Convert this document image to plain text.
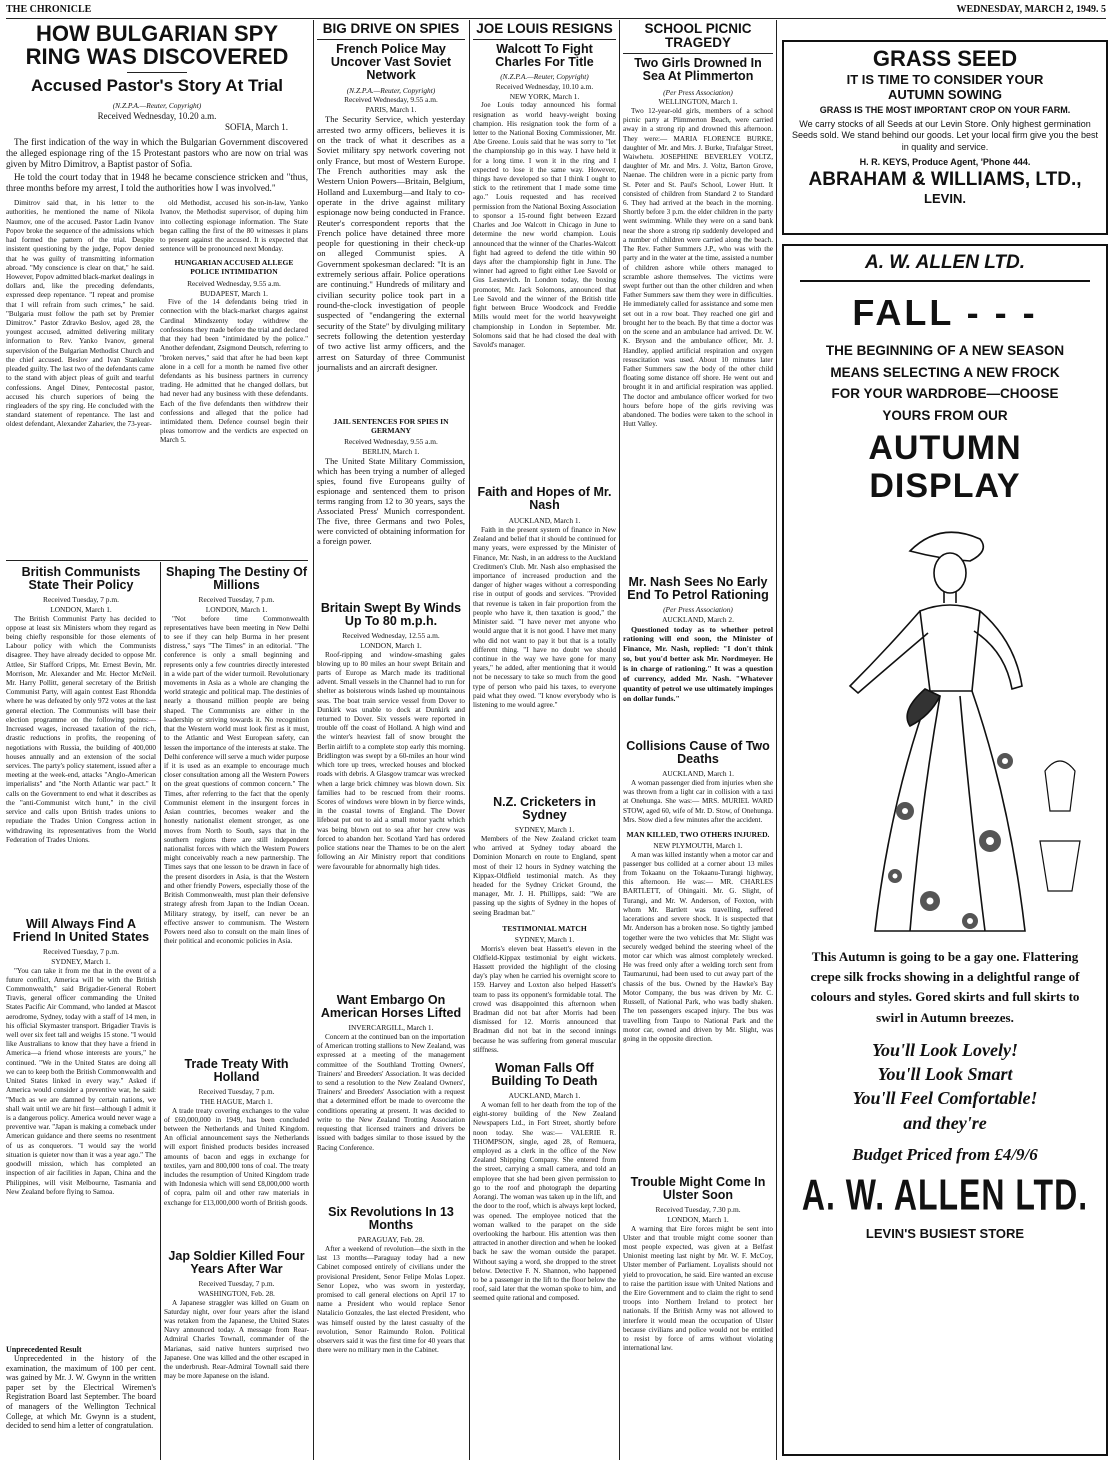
THE CHRONICLE	WEDNESDAY, MARCH 2, 1949. 5
HOW BULGARIAN SPY RING WAS DISCOVERED
Accused Pastor's Story At Trial
(N.Z.P.A.—Reuter, Copyright)
Received Wednesday, 10.20 a.m.
SOFIA, March 1.

The first indication of the way in which the Bulgarian Government discovered the alleged espionage ring of the 15 Protestant pastors who are now on trial was given by Mitro Dimitrov, a Baptist pastor of Sofia.

He told the court today that in 1948 he became conscience stricken and "thus, three months before my arrest, I told the authorities how I was involved."

Dimitrov said that, in his letter to the authorities, he mentioned the name of Nikola Naumov, one of the accused. Pastor Ladin Ivanov Popov broke the sequence of the admissions which had formed the pattern of the trial. Despite insistent questioning by the judge, Popov denied that he was guilty of transmitting information abroad. "My conscience is clear on that," he said. However, Popov admitted black-market dealings in dollars and, like the preceding defendants, expressed deep repentance. "I repeat and promise that I will refrain from such crimes," he said. "Bulgaria must follow the path set by Premier Dimitrov." Pastor Zdravko Beslov, aged 28, the youngest accused, admitted delivering military information to Rev. Yanko Ivanov, general supervision of the Bulgarian Methodist Church and the chief accused. Beslov and Ivan Stankulov pleaded guilty. The last two of the defendants came to the stand with abject pleas of guilt and tearful confessions. Angel Dinev, Pentecostal pastor, accused his church superiors of being the ringleaders of the spy ring. He concluded with the standard statement of repentance. The last and oldest defendant, Alexander Zahariev, the 73-year-

old Methodist, accused his son-in-law, Yanko Ivanov, the Methodist supervisor, of duping him into collecting espionage information. The State began calling the first of the 80 witnesses it plans to present against the accused. It is expected that sentence will be pronounced next Monday.

HUNGARIAN ACCUSED ALLEGE POLICE INTIMIDATION
Received Wednesday, 9.55 a.m.
BUDAPEST, March 1.

Five of the 14 defendants being tried in connection with the black-market charges against Cardinal Mindszenty today withdrew the confessions they made before the trial and declared that they had been "intimidated by the police." Another defendant, Zsigmond Deutsch, referring to "broken nerves," said that after he had been kept alone in a cell for a month he named five other defendants as his business partners in currency trading. He admitted that he changed dollars, but had never had any business with these defendants. Each of the five defendants then withdrew their confessions and alleged that the police had intimidated them. Defence counsel begin their pleas tomorrow and the verdicts are expected on March 5.

British Communists State Their Policy
Received Tuesday, 7 p.m.
LONDON, March 1.

The British Communist Party has decided to oppose at least six Ministers whom they regard as being chiefly responsible for those elements of Labour policy with which the Communists disagree. They have already decided to oppose Mr. Attlee, Sir Stafford Cripps, Mr. Ernest Bevin, Mr. Morrison, Mr. Alexander and Mr. Hector McNeil. Mr. Harry Pollitt, general secretary of the British Communist Party, will again contest East Rhondda where he was defeated by only 972 votes at the last general election. The Communists will base their election programme on the following points:—Increased wages, increased taxation of the rich, drastic reductions in profits, the reopening of negotiations with Russia, the building of 400,000 houses annually and an extension of the social services. The party's policy statement, issued after a meeting at the week-end, attacks "Anglo-American imperialists" and "the North Atlantic war pact." It calls on the Government to end what it describes as the "anti-Communist witch hunt," in the civil service and calls upon British trades unions to repudiate the Trades Union Congress action in withdrawing its representatives from the World Federation of Trades Unions.

Will Always Find A Friend In United States
Received Tuesday, 7 p.m.
SYDNEY, March 1.

"You can take it from me that in the event of a future conflict, America will be with the British Commonwealth," said Brigadier-General Robert Travis, general officer commanding the United States Pacific Air Command, who landed at Mascot aerodrome, Sydney, today with a staff of 14 men, in his official Skymaster transport. Brigadier Travis is well over six feet tall and weighs 15 stone. "I would like Australians to know that they have a friend in America—a friend whose interests are yours," he continued. "We in the United States are doing all we can to keep both the British Commonwealth and United States linked in every way." Asked if America would consider a preventive war, he said: "Much as we are damned by certain nations, we shall wait until we are hit first—although I admit it is a dangerous policy. America would never wage a preventive war. "Japan is making a comeback under American guidance and there seems no resentment of us as conquerors. "I would say the world situation is quieter now than it was a year ago." The goodwill mission, which has completed an inspection of air facilities in Japan, China and the Philippines, will visit Melbourne, Tasmania and New Zealand before flying to Samoa.

Unprecedented Result

Unprecedented in the history of the examination, the maximum of 100 per cent. was gained by Mr. J. W. Gwynn in the written paper set by the Electrical Wiremen's Registration Board last September. The board of managers of the Wellington Technical College, at which Mr. Gwynn is a student, decided to send him a letter of congratulation.

Shaping The Destiny Of Millions
Received Tuesday, 7 p.m.
LONDON, March 1.

"Not before time Commonwealth representatives have been meeting in New Delhi to see if they can help Burma in her present distress," says "The Times" in an editorial. "The conference is only a small beginning and represents only a few countries directly interested in a wide part of the wider turmoil. Revolutionary movements in Asia as a whole are changing the world strategic and political map. The destinies of nearly a thousand million people are being shaped. The Communists are either in the leadership or striving towards it. No recognition that the Western world must look first as it must, to the Atlantic and West European safety, can lessen the importance of the interests at stake. The Delhi conference will serve a much wider purpose if it is used as an example to encourage much closer consultation among all the Western Powers on the great questions of common concern." The Times, after referring to the fact that the openly Communist element in the insurgent forces in Asian countries, becomes weaker and the honestly nationalist element stronger, as one moves from North to South, says that in the southern regions there are still independent nationalist forces with which the Western Powers might conceivably reach a new partnership. The Times says that one lesson to be drawn in face of the present disorders in Asia, is that the Western and other friendly Powers, especially those of the British Commonwealth, must plan their defensive strategy afresh from Japan to the Indian Ocean. Military strategy, by itself, can never be an effective answer to communism. The Western Powers need also to consult on the main lines of their political and economic policies in Asia.

Trade Treaty With Holland
Received Tuesday, 7 p.m.
THE HAGUE, March 1.

A trade treaty covering exchanges to the value of £60,000,000 in 1949, has been concluded between the Netherlands and United Kingdom. An official announcement says the Netherlands will export finished products besides increased amounts of bacon and eggs in exchange for textiles, yarn and 800,000 tons of coal. The treaty includes the resumption of United Kingdom trade with Indonesia which will send £8,000,000 worth of copra, palm oil and other raw materials in exchange for £13,000,000 worth of British goods.

Jap Soldier Killed Four Years After War
Received Tuesday, 7 p.m.
WASHINGTON, Feb. 28.

A Japanese straggler was killed on Guam on Saturday night, over four years after the island was retaken from the Japanese, the United States Navy announced today. A message from Rear-Admiral Charles Townall, commander of the Marianas, said native hunters surprised two Japanese. One was killed and the other escaped in the underbrush. Rear-Admiral Townall said there may be more Japanese on the island.

BIG DRIVE ON SPIES
French Police May Uncover Vast Soviet Network
(N.Z.P.A.—Reuter, Copyright)
Received Wednesday, 9.55 a.m.
PARIS, March 1.

The Security Service, which yesterday arrested two army officers, believes it is on the track of what it describes as a Soviet military spy network covering not only France, but most of Western Europe. The French authorities may ask the Western Union Powers—Britain, Belgium, Holland and Luxemburg—and Italy to co-operate in the drive against military espionage now being conducted in France. Reuter's correspondent reports that the French police have detained three more people for questioning in their check-up on alleged Communist spies. A Government spokesman declared: "It is an extremely serious affair. Police operations are continuing." Hundreds of military and civilian security police took part in a round-the-clock investigation of people suspected of "endangering the external security of the State" by divulging military secrets following the detention yesterday of two active list army officers, and the arrest on Saturday of three Communist journalists and an aircraft designer.

JAIL SENTENCES FOR SPIES IN GERMANY
Received Wednesday, 9.55 a.m.
BERLIN, March 1.

The United State Military Commission, which has been trying a number of alleged spies, found five Europeans guilty of espionage and sentenced them to prison terms ranging from 12 to 30 years, says the Associated Press' Munich correspondent. The five, three Germans and two Poles, were convicted of obtaining information for a foreign power.

Britain Swept By Winds Up To 80 m.p.h.
Received Wednesday, 12.55 a.m.
LONDON, March 1.

Roof-ripping and window-smashing gales blowing up to 80 miles an hour swept Britain and parts of Europe as March made its traditional advent. Small vessels in the Channel had to run for shelter as boisterous winds lashed up mountainous seas. The boat train service vessel from Dover to Dunkirk was unable to dock at Dunkirk and returned to Dover. Six vessels were reported in trouble off the coast of Holland. A high wind and the winter's heaviest fall of snow brought the Berlin airlift to a complete stop early this morning. Bridlington was swept by a 60-miles an hour wind which tore up trees, wrecked houses and blocked roads with debris. A Glasgow tramcar was wrecked when a large brick chimney was blown down. Six families had to be rescued from their rooms. Scores of windows were blown in by fierce winds, in the coastal towns of England. The Dover lifeboat put out to aid a small motor yacht which was being blown out to sea after her crew was forced to abandon her. Scotland Yard has ordered police stations near the Thames to be on the alert following an Air Ministry report that conditions were favourable for abnormally high tides.

Want Embargo On American Horses Lifted
INVERCARGILL, March 1.

Concern at the continued ban on the importation of American trotting stallions to New Zealand, was expressed at a meeting of the management committee of the Southland Trotting Owners', Trainers' and Breeders' Association. It was decided to send a resolution to the New Zealand Owners', Trainers' and Breeders' Association with a request that a determined effort be made to overcome the conditions operating at present. It was decided to write to the New Zealand Trotting Association requesting that licensed trainers and drivers be issued with badges similar to those issued by the Racing Conference.

Six Revolutions In 13 Months
PARAGUAY, Feb. 28.

After a weekend of revolution—the sixth in the last 13 months—Paraguay today had a new Cabinet composed entirely of civilians under the provisional President, Senor Felipe Molas Lopez. Senor Lopez, who was sworn in yesterday, promised to call general elections on April 17 to name a President who would replace Senor Natalicio Gonzales, the last elected President, who was himself ousted by the latest casualty of the revolution, Senor Raimundo Rolon. Political observers said it was the first time for 40 years that there were no military men in the Cabinet.

JOE LOUIS RESIGNS
Walcott To Fight Charles For Title
(N.Z.P.A.—Reuter, Copyright)
Received Wednesday, 10.10 a.m.
NEW YORK, March 1.

Joe Louis today announced his formal resignation as world heavy-weight boxing champion. His resignation took the form of a letter to the National Boxing Commissioner, Mr. Abe Greene. Louis said that he was sorry to "let the championship go in this way. I have held it for a long time. I won it in the ring and I expected to lose it the same way. However, things have developed so that I think I ought to stick to the retirement that I made some time ago." Louis requested and has received permission from the National Boxing Association to sponsor a 15-round fight between Ezzard Charles and Joe Walcott in Chicago in June to determine the new world champion. Louis announced that the winner of the Charles-Walcott fight had agreed to defend the title within 90 days after the championship fight in June. The winner had agreed to fight either Lee Savold or Gus Lesnevich. In London today, the boxing promoter, Mr. Jack Solomons, announced that Lee Savold and the winner of the British title fight between Bruce Woodcock and Freddie Mills would meet for the world heavyweight championship in London in September. Mr. Solomons said that he had closed the deal with Savold's manager.

Faith and Hopes of Mr. Nash
AUCKLAND, March 1.

Faith in the present system of finance in New Zealand and belief that it should be continued for many years, were expressed by the Minister of Finance, Mr. Nash, in an address to the Auckland Creditmen's Club. Mr. Nash also emphasised the importance of increased production and the danger of higher wages without a corresponding rise in output of goods and services. "Provided that revenue is taken in fair proportion from the people who have it, then taxation is good," the Minister said. "I have never met anyone who would argue that it is not good. I have met many who did not want to pay it but that is a totally different thing. "I have no doubt we should continue in the way we have gone for many years," he added, after mentioning that it would not be necessary to take so much from the good type of person who paid his taxes, to everyone paid what they owed. "I know everybody who is listening to me would agree."

N.Z. Cricketers in Sydney
SYDNEY, March 1.

Members of the New Zealand cricket team who arrived at Sydney today aboard the Dominion Monarch en route to England, spent most of their 12 hours in Sydney watching the Kippax-Oldfield testimonial match. As they headed for the Sydney Cricket Ground, the manager, Mr. J. H. Phillipps, said: "We are passing up the sights of Sydney in the hopes of seeing Bradman bat."

TESTIMONIAL MATCH
SYDNEY, March 1.

Morris's eleven beat Hassett's eleven in the Oldfield-Kippax testimonial by eight wickets. Hassett provided the highlight of the closing day's play when he carried his overnight score to 159. Harvey and Loxton also helped Hassett's team to pass its opponent's formidable total. The crowd was disappointed this afternoon when Bradman did not bat after Morris had been dismissed for 12. Morris announced that Bradman did not bat in the second innings because he was suffering from general muscular stiffness.

Woman Falls Off Building To Death
AUCKLAND, March 1.

A woman fell to her death from the top of the eight-storey building of the New Zealand Newspapers Ltd., in Fort Street, shortly before noon today. She was:— VALERIE R. THOMPSON, single, aged 28, of Remuera, employed as a clerk in the office of the New Zealand Shipping Company. She entered from the street, carrying a small camera, and told an employee that she had been given permission to go to the roof and photograph the departing Aorangi. The woman was taken up in the lift, and the door to the roof, which is always kept locked, was opened. The employee noticed that the woman walked to the parapet on the side overlooking the harbour. His attention was then attracted in another direction and when he looked back he saw the woman outside the parapet. Without saying a word, she dropped to the street below. Detective F. N. Shannon, who happened to be a passenger in the lift to the floor below the roof, said later that the woman spoke to him, and seemed quite rational and composed.

SCHOOL PICNIC TRAGEDY
Two Girls Drowned In Sea At Plimmerton
(Per Press Association)
WELLINGTON, March 1.

Two 12-year-old girls, members of a school picnic party at Plimmerton Beach, were carried away in a strong rip and drowned this afternoon. They were:— MARIA FLORENCE BURKE, daughter of Mr. and Mrs. J. Burke, Trafalgar Street, Waiwhetu. JOSEPHINE BEVERLEY VOLTZ, daughter of Mr. and Mrs. J. Voltz, Barton Grove, Naenae. The children were in a picnic party from St. Peter and St. Paul's School, Lower Hutt. It consisted of children from Standard 2 to Standard 6. They had arrived at the beach in the morning. Shortly before 3 p.m. the elder children in the party went swimming. While they were on a sand bank near the shore a strong rip suddenly developed and a number of children were carried along the beach. The Rev. Father Summers J.P., who was with the party and in the water at the time, assisted a number of children ashore while others managed to scramble ashore themselves. The victims were swept further out than the other children and when Father Summers saw them they were in difficulties. He immediately called for assistance and some men set out in a row boat. They reached one girl and brought her to the beach. By that time a doctor was on the scene and an ambulance had arrived. Dr. W. K. Bryson and the ambulance officer, Mr. J. Handley, applied artificial respiration and oxygen resuscitation was used. About 10 minutes later Father Summers saw the body of the other child floating some distance off shore. He went out and brought it in and artificial respiration was applied. The doctor and ambulance officer worked for two hours before hope of the girls reviving was abandoned. The bodies were taken to the school in Hutt Valley.

Mr. Nash Sees No Early End To Petrol Rationing
(Per Press Association)
AUCKLAND, March 2.

Questioned today as to whether petrol rationing will end soon, the Minister of Finance, Mr. Nash, replied: "I don't think so, but you'd better ask Mr. Nordmeyer. He is in charge of rationing." It was a question of currency, added Mr. Nash. "Whatever quantity of petrol we use ultimately impinges on dollar funds."

Collisions Cause of Two Deaths
AUCKLAND, March 1.

A woman passenger died from injuries when she was thrown from a light car in collision with a taxi at Onehunga. She was:— MRS. MURIEL WARD STOW, aged 60, wife of Mr. D. Stow, of Onehunga. Mrs. Stow died a few minutes after the accident.

MAN KILLED, TWO OTHERS INJURED.
NEW PLYMOUTH, March 1.

A man was killed instantly when a motor car and passenger bus collided at a corner about 13 miles from Tokaanu on the Tokaanu-Turangi highway, this afternoon. He was:— MR. CHARLES BARTLETT, of Ohingaiti. Mr. G. Slight, of Turangi, and Mr. W. Anderson, of Foxton, with whom Mr. Bartlett was travelling, suffered lacerations and severe shock. It is suspected that Mr. Anderson has a broken nose. So tightly jambed together were the two vehicles that Mr. Slight was securely wedged behind the steering wheel of the motor car which was almost completely wrecked. He was freed only after a welding torch sent from Taumarunui, had been used to cut away part of the chassis of the bus. Owned by the Hawke's Bay Motor Company, the bus was driven by Mr. C. Russell, of National Park, who was badly shaken. The ten passengers escaped injury. The bus was travelling from Taupo to National Park and the motor car, owned and driven by Mr. Slight, was going in the opposite direction.

Trouble Might Come In Ulster Soon
Received Tuesday, 7.30 p.m.
LONDON, March 1.

A warning that Eire forces might be sent into Ulster and that trouble might come sooner than most people expected, was given at a Belfast Unionist meeting last night by Mr. W. F. McCoy, Ulster member of Parliament. Loyalists should not yield to provocation, he said. Eire wanted an excuse to raise the partition issue with United Nations and the Eire Government and to claim the right to send troops into Northern Ireland to protect her nationals. If the British Army was not allowed to interfere it would mean the occupation of Ulster because civilians and police would not be entitled to resist by force of arms without violating international law.

GRASS SEED
IT IS TIME TO CONSIDER YOUR
AUTUMN SOWING
GRASS IS THE MOST IMPORTANT CROP ON YOUR FARM.
We carry stocks of all Seeds at our Levin Store. Only highest germination Seeds sold. We stand behind our goods. Let your local firm give you the best in quality and service.
H. R. KEYS, Produce Agent, 'Phone 444.
ABRAHAM & WILLIAMS, LTD.,
LEVIN.
A. W. ALLEN LTD.
FALL - - -
THE BEGINNING OF A NEW SEASON
MEANS SELECTING A NEW FROCK
FOR YOUR WARDROBE—CHOOSE
YOURS FROM OUR
AUTUMN
DISPLAY
This Autumn is going to be a gay one. Flattering crepe silk frocks showing in a delightful range of colours and styles. Gored skirts and full skirts to swirl in Autumn breezes.
You'll Look Lovely!
You'll Look Smart
You'll Feel Comfortable!
and they're
Budget Priced from £4/9/6
A. W. ALLEN LTD.
LEVIN'S BUSIEST STORE
